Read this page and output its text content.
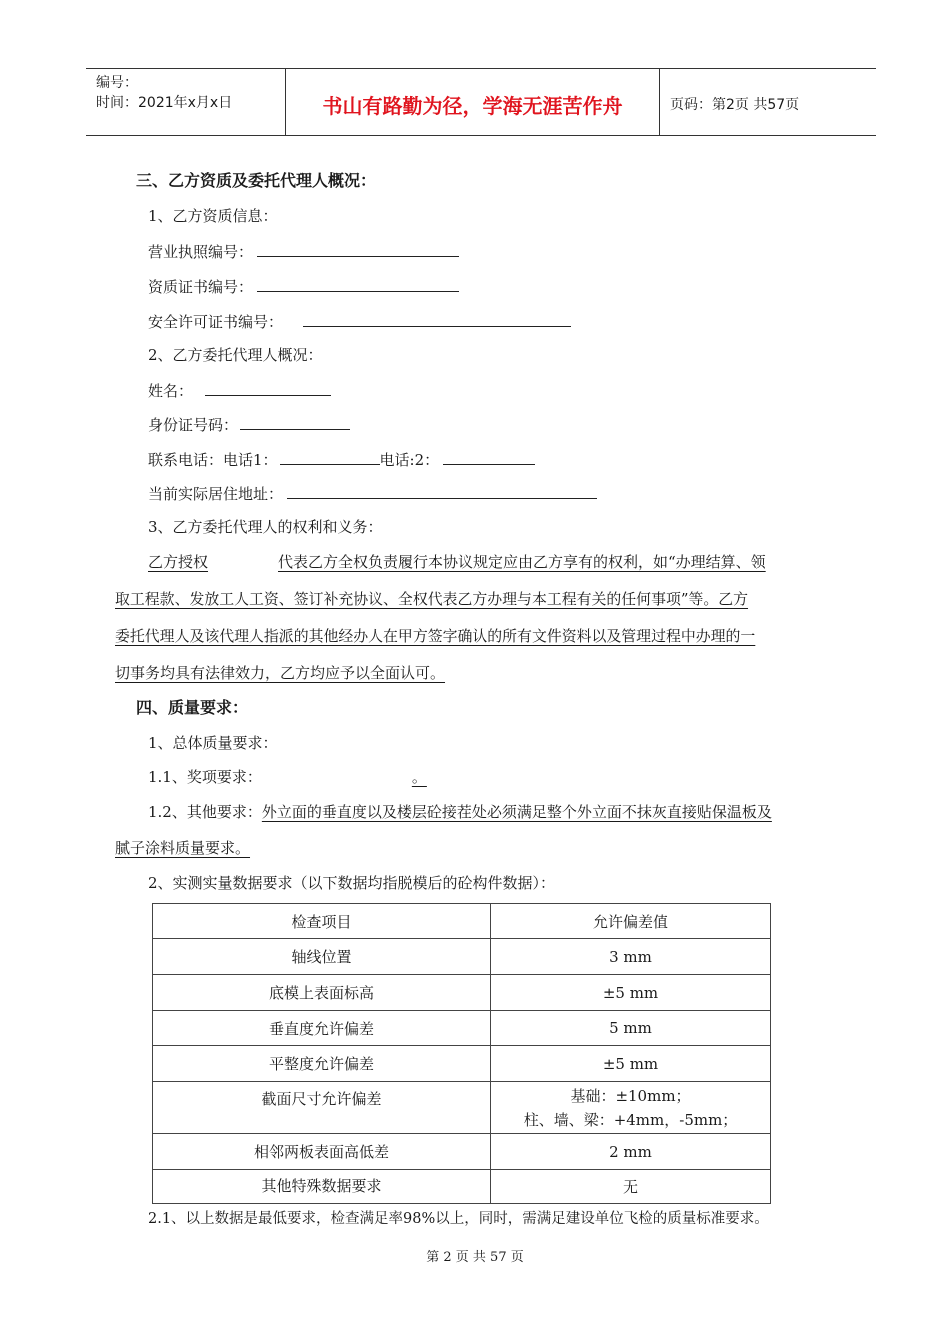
编号：
时间：2021年x月x日	书山有路勤为径，学海无涯苦作舟	页码：第2页 共57页
三、乙方资质及委托代理人概况：
1、乙方资质信息：
营业执照编号：
资质证书编号：
安全许可证书编号：
2、乙方委托代理人概况：
姓名：
身份证号码：
联系电话：电话1：	电话:2：
当前实际居住地址：
3、乙方委托代理人的权利和义务：
乙方授权	代表乙方全权负责履行本协议规定应由乙方享有的权利，如“办理结算、领
取工程款、发放工人工资、签订补充协议、全权代表乙方办理与本工程有关的任何事项”等。乙方
委托代理人及该代理人指派的其他经办人在甲方签字确认的所有文件资料以及管理过程中办理的一
切事务均具有法律效力，乙方均应予以全面认可。
四、质量要求：
1、总体质量要求：
1.1、奖项要求：	。
1.2、其他要求：外立面的垂直度以及楼层砼接茬处必须满足整个外立面不抹灰直接贴保温板及
腻子涂料质量要求。
2、实测实量数据要求（以下数据均指脱模后的砼构件数据）：
检查项目	允许偏差值
轴线位置	3 mm
底模上表面标高	±5 mm
垂直度允许偏差	5 mm
平整度允许偏差	±5 mm
截面尺寸允许偏差	基础：±10mm；
柱、墙、梁：+4mm，-5mm；

相邻两板表面高低差	2 mm
其他特殊数据要求	无
2.1、以上数据是最低要求，检查满足率98%以上，同时，需满足建设单位飞检的质量标准要求。
第 2 页 共 57 页
